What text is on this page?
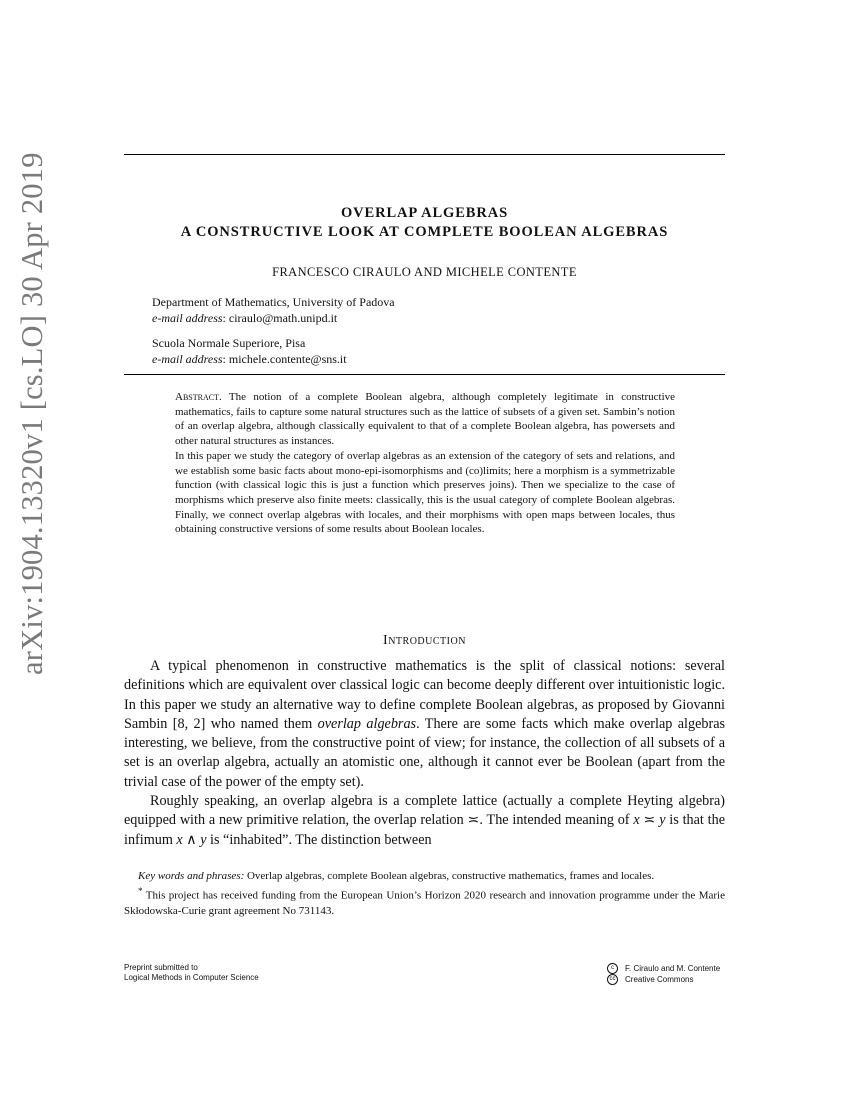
arXiv:1904.13320v1 [cs.LO] 30 Apr 2019	OVERLAP ALGEBRAS
A CONSTRUCTIVE LOOK AT COMPLETE BOOLEAN ALGEBRAS
FRANCESCO CIRAULO AND MICHELE CONTENTE
Department of Mathematics, University of Padova
e-mail address: ciraulo@math.unipd.it
Scuola Normale Superiore, Pisa
e-mail address: michele.contente@sns.it

Abstract. The notion of a complete Boolean algebra, although completely legitimate in constructive mathematics, fails to capture some natural structures such as the lattice of subsets of a given set. Sambin’s notion of an overlap algebra, although classically equivalent to that of a complete Boolean algebra, has powersets and other natural structures as instances.

In this paper we study the category of overlap algebras as an extension of the category of sets and relations, and we establish some basic facts about mono-epi-isomorphisms and (co)limits; here a morphism is a symmetrizable function (with classical logic this is just a function which preserves joins). Then we specialize to the case of morphisms which preserve also finite meets: classically, this is the usual category of complete Boolean algebras. Finally, we connect overlap algebras with locales, and their morphisms with open maps between locales, thus obtaining constructive versions of some results about Boolean locales.

Introduction

A typical phenomenon in constructive mathematics is the split of classical notions: several definitions which are equivalent over classical logic can become deeply different over intuitionistic logic. In this paper we study an alternative way to define complete Boolean algebras, as proposed by Giovanni Sambin [8, 2] who named them overlap algebras. There are some facts which make overlap algebras interesting, we believe, from the constructive point of view; for instance, the collection of all subsets of a set is an overlap algebra, actually an atomistic one, although it cannot ever be Boolean (apart from the trivial case of the power of the empty set).

Roughly speaking, an overlap algebra is a complete lattice (actually a complete Heyting algebra) equipped with a new primitive relation, the overlap relation ≍. The intended meaning of x ≍ y is that the infimum x ∧ y is “inhabited”. The distinction between

Key words and phrases: Overlap algebras, complete Boolean algebras, constructive mathematics, frames and locales.

* This project has received funding from the European Union’s Horizon 2020 research and innovation programme under the Marie Skłodowska-Curie grant agreement No 731143.

Preprint submitted to
Logical Methods in Computer Science
c	F. Ciraulo and M. Contente
cc	Creative Commons
